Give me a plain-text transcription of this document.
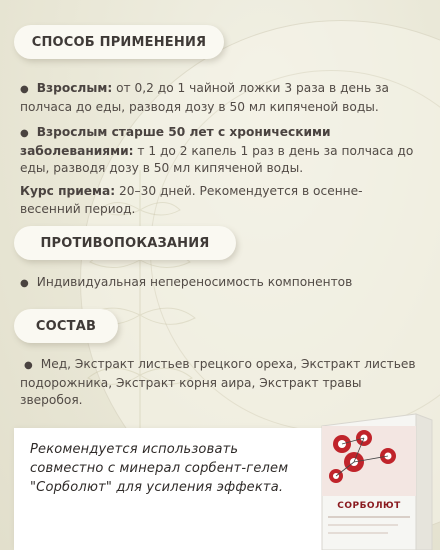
СПОСОБ ПРИМЕНЕНИЯ
● Взрослым: от 0,2 до 1 чайной ложки 3 раза в день за полчаса до еды, разводя дозу в 50 мл кипяченой воды.
● Взрослым старше 50 лет с хроническими заболеваниями: т 1 до 2 капель 1 раз в день за полчаса до еды, разводя дозу в 50 мл кипяченой воды.
Курс приема: 20–30 дней. Рекомендуется в осенне-весенний период.
ПРОТИВОПОКАЗАНИЯ
● Индивидуальная непереносимость компонентов
СОСТАВ
● Мед, Экстракт листьев грецкого ореха, Экстракт листьев подорожника, Экстракт корня аира, Экстракт травы зверобоя.
Рекомендуется использовать совместно с минерал сорбент-гелем "Сорболют" для усиления эффекта.
СОРБОЛЮТ
